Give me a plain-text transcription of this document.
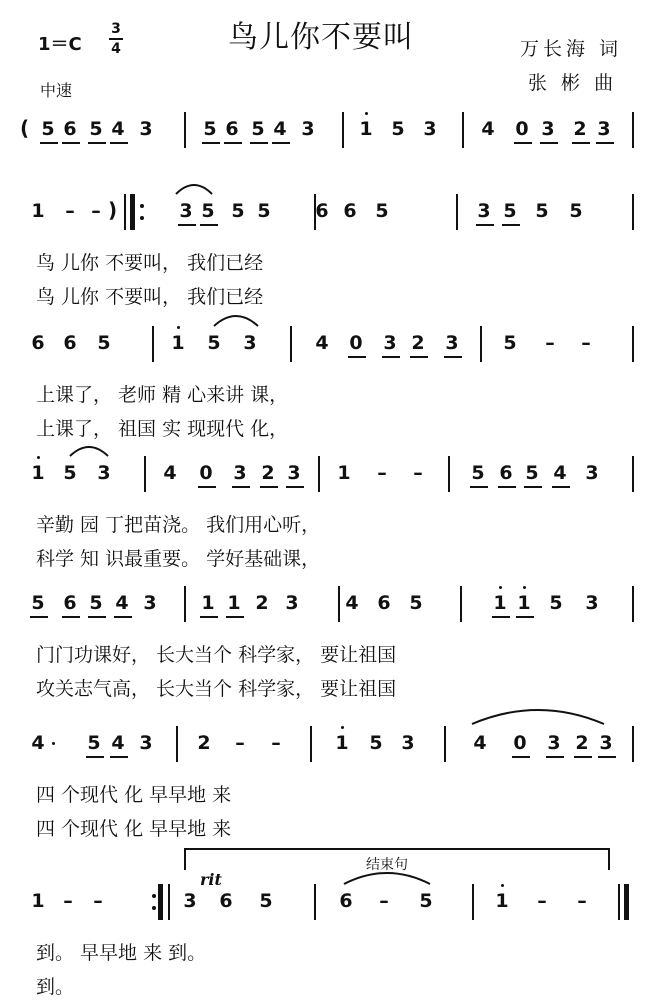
1＝C
3
4	鸟儿你不要叫	万长海 词
张 彬 曲
中速
5 6 5 4 3	5 6 5 4 3 1 5 3 4 0 3 2 3
1 – –	3 5 5 5 6 6 5	3 5 5 5
鸟 儿你 不要叫， 我们已经
鸟 儿你 不要叫， 我们已经
6 6 5	1 5 3	4 0 3 2 3 5 – –
上课了， 老师 精 心来讲 课，
上课了， 祖国 实 现现代 化，
1 5 3	4 0 3 2 3 1 – –	5 6 5 4 3
辛勤 园 丁把苗浇。 我们用心听，
科学 知 识最重要。 学好基础课，
5 6 5 4 3 1 1 2 3 4 6 5	1 1 5 3
门门功课好， 长大当个 科学家， 要让祖国
攻关志气高， 长大当个 科学家， 要让祖国
4 5 4 3 2 – –	1 5 3	4 0 3 2 3
四 个现代 化 早早地 来
四 个现代 化 早早地 来
1 – –	3 6 5	6 – 5	1 – –
到。 早早地 来 到。
到。
(
)
结束句
rit
